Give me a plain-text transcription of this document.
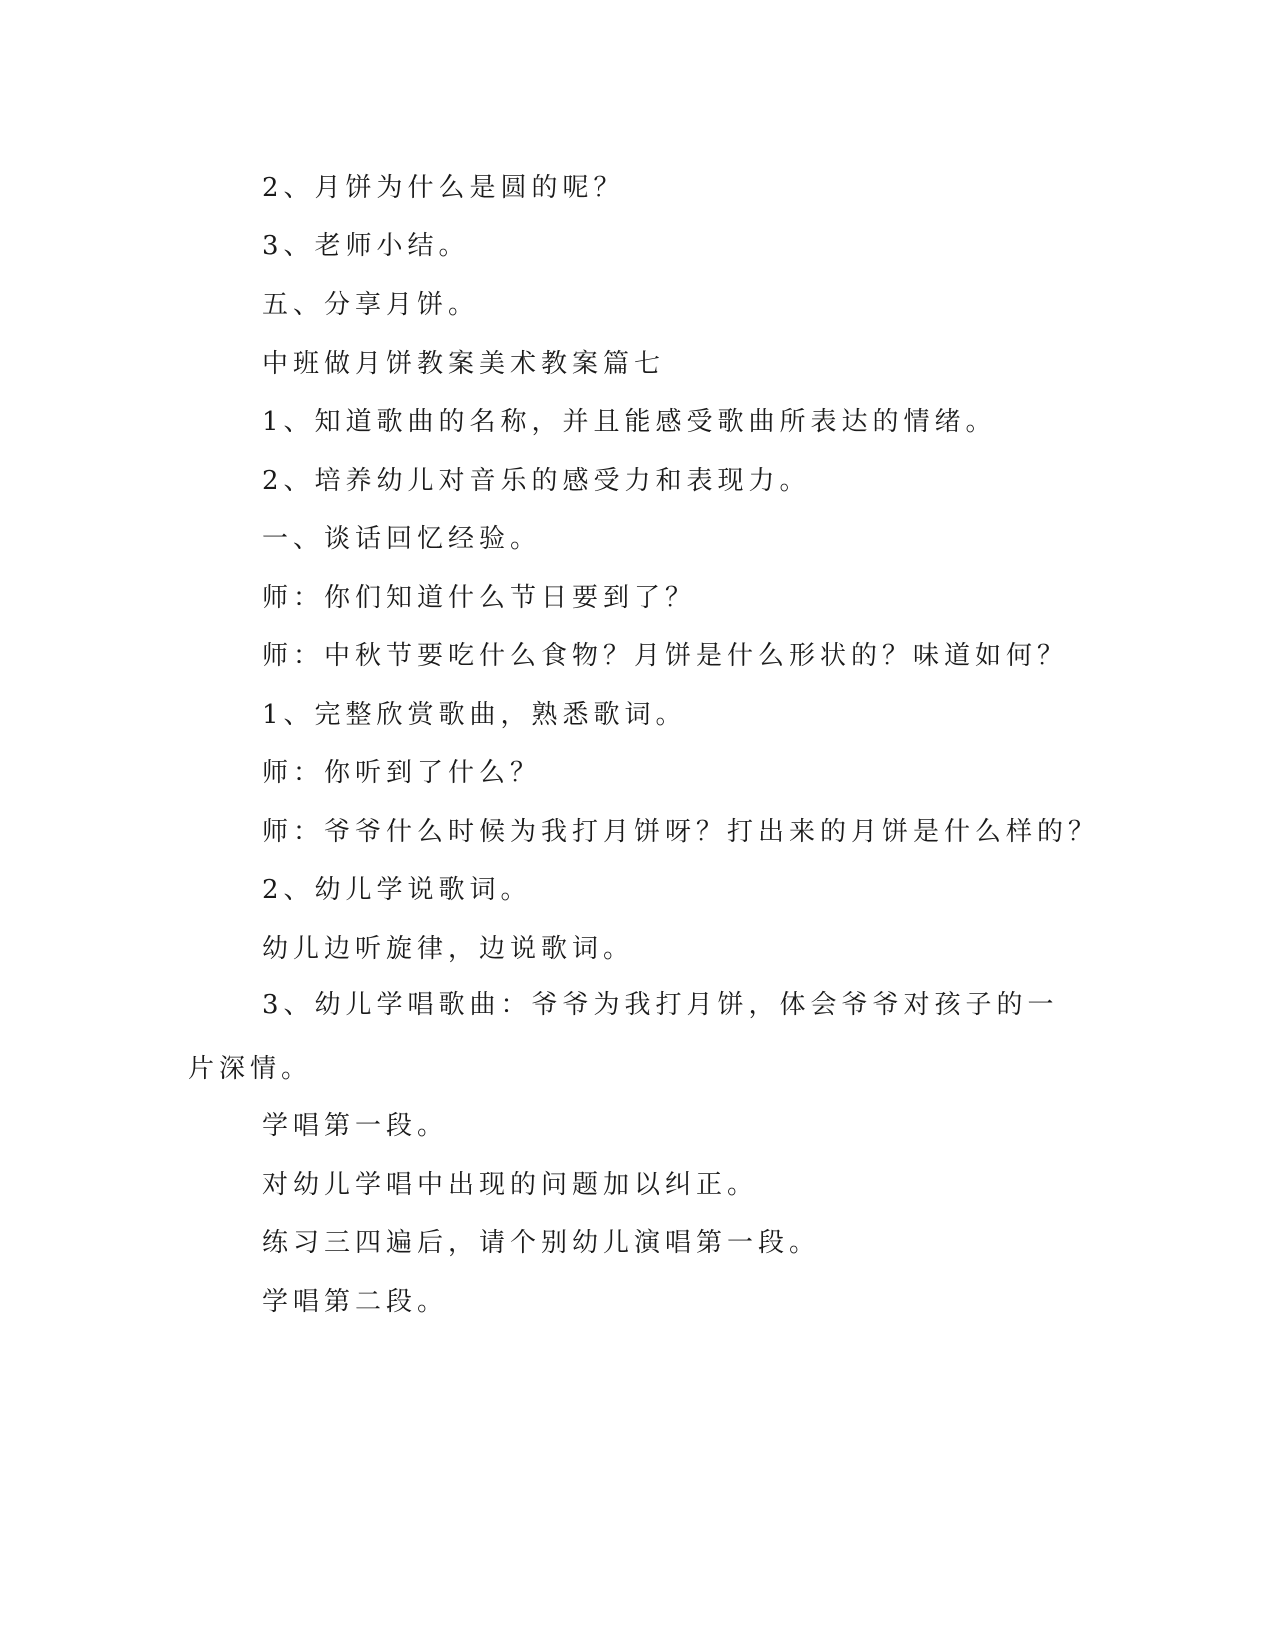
2、月饼为什么是圆的呢？

3、老师小结。

五、分享月饼。

中班做月饼教案美术教案篇七

1、知道歌曲的名称，并且能感受歌曲所表达的情绪。

2、培养幼儿对音乐的感受力和表现力。

一、谈话回忆经验。

师：你们知道什么节日要到了？

师：中秋节要吃什么食物？月饼是什么形状的？味道如何？

1、完整欣赏歌曲，熟悉歌词。

师：你听到了什么？

师：爷爷什么时候为我打月饼呀？打出来的月饼是什么样的？

2、幼儿学说歌词。

幼儿边听旋律，边说歌词。

3、幼儿学唱歌曲：爷爷为我打月饼，体会爷爷对孩子的一片深情。

学唱第一段。

对幼儿学唱中出现的问题加以纠正。

练习三四遍后，请个别幼儿演唱第一段。

学唱第二段。
